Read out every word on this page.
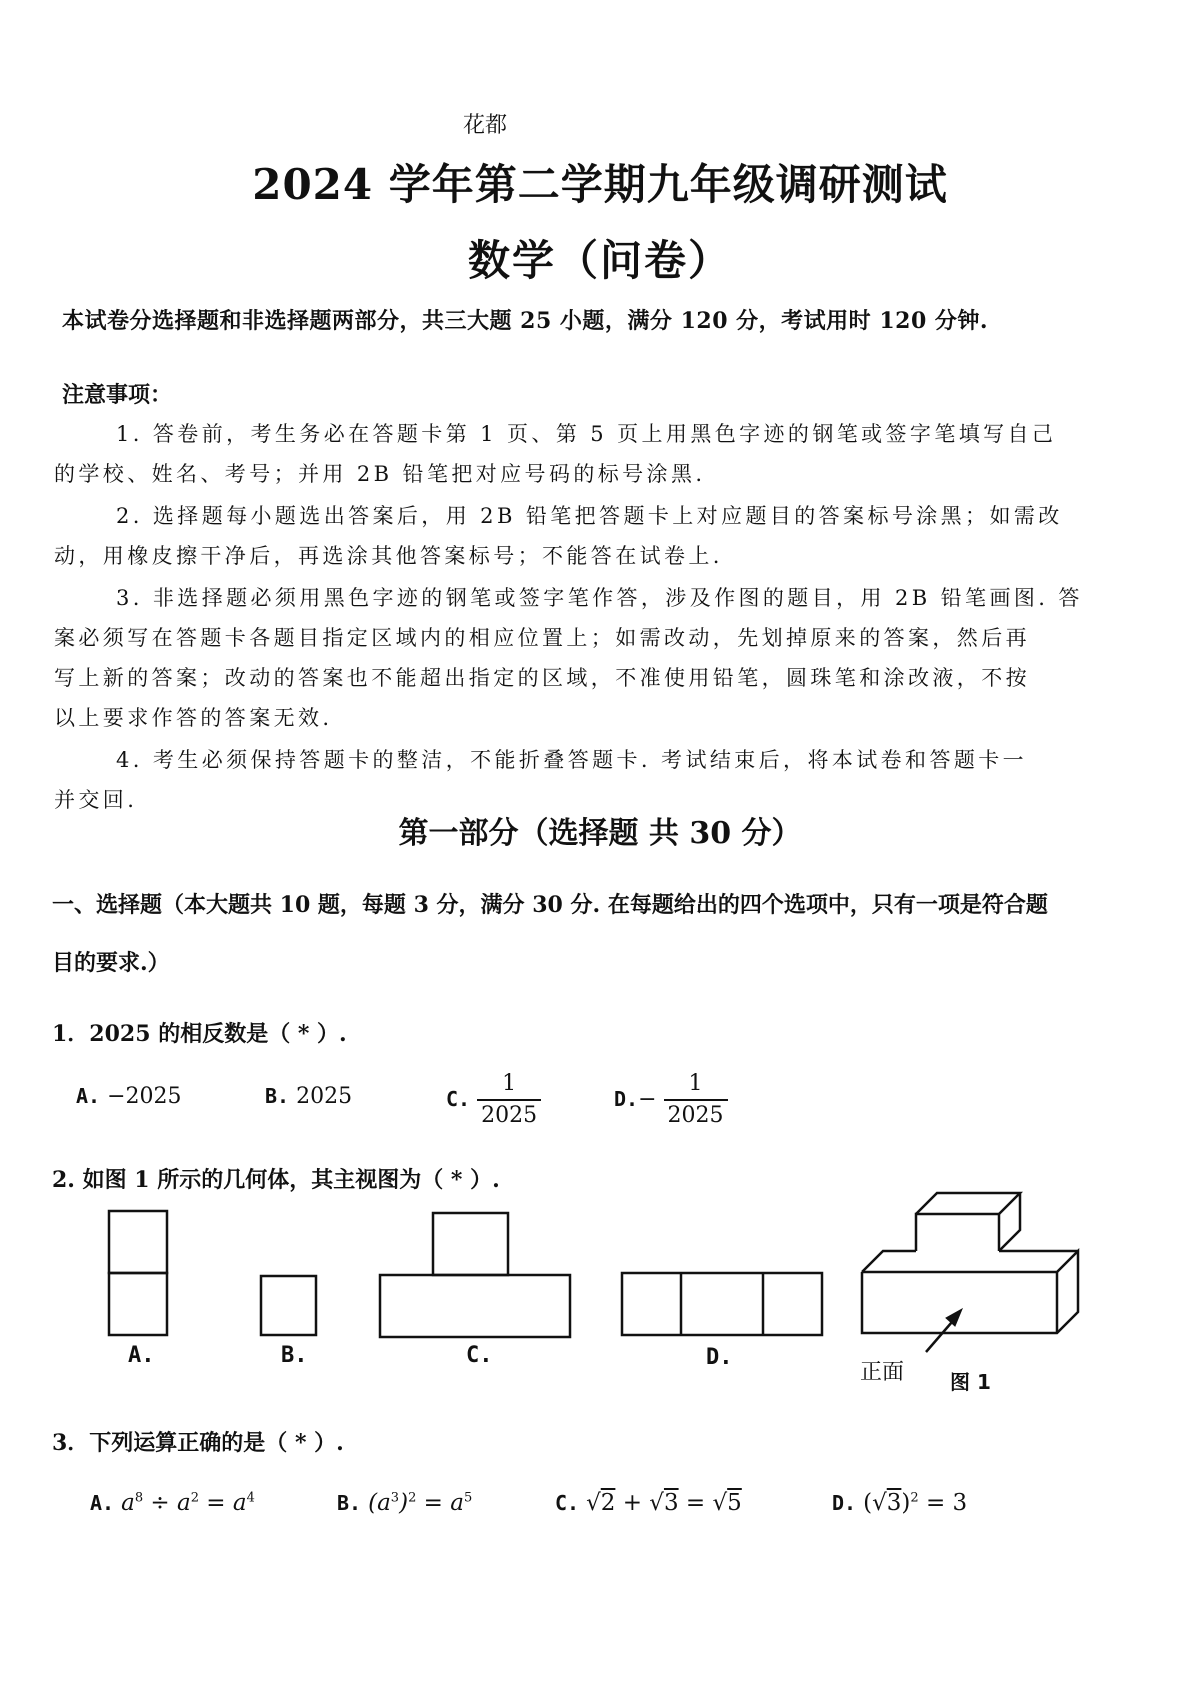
花都
2024 学年第二学期九年级调研测试
数学（问卷）
本试卷分选择题和非选择题两部分，共三大题 25 小题，满分 120 分，考试用时 120 分钟.
注意事项：
1. 答卷前，考生务必在答题卡第 1 页、第 5 页上用黑色字迹的钢笔或签字笔填写自己
的学校、姓名、考号；并用 2B 铅笔把对应号码的标号涂黑.
2. 选择题每小题选出答案后，用 2B 铅笔把答题卡上对应题目的答案标号涂黑；如需改
动，用橡皮擦干净后，再选涂其他答案标号；不能答在试卷上.
3. 非选择题必须用黑色字迹的钢笔或签字笔作答，涉及作图的题目，用 2B 铅笔画图. 答
案必须写在答题卡各题目指定区域内的相应位置上；如需改动，先划掉原来的答案，然后再
写上新的答案；改动的答案也不能超出指定的区域，不准使用铅笔，圆珠笔和涂改液，不按
以上要求作答的答案无效.
4. 考生必须保持答题卡的整洁，不能折叠答题卡. 考试结束后，将本试卷和答题卡一
并交回.
第一部分（选择题 共 30 分）
一、选择题（本大题共 10 题，每题 3 分，满分 30 分. 在每题给出的四个选项中，只有一项是符合题
目的要求.）
1．2025 的相反数是（ * ）.
A. −2025	B. 2025	C. $\frac{1}{2025}$	$D.- \frac{1}{2025}$
2. 如图 1 所示的几何体，其主视图为（ * ）.
A.	B.	C.	D.
正面 图 1
3．下列运算正确的是（ * ）.
A. $a^8 \div a^2 = a^4$	B. $(a^3)^2 = a^5$	C. √2 + √3 = √5	D. $(√3)^2 = 3$
